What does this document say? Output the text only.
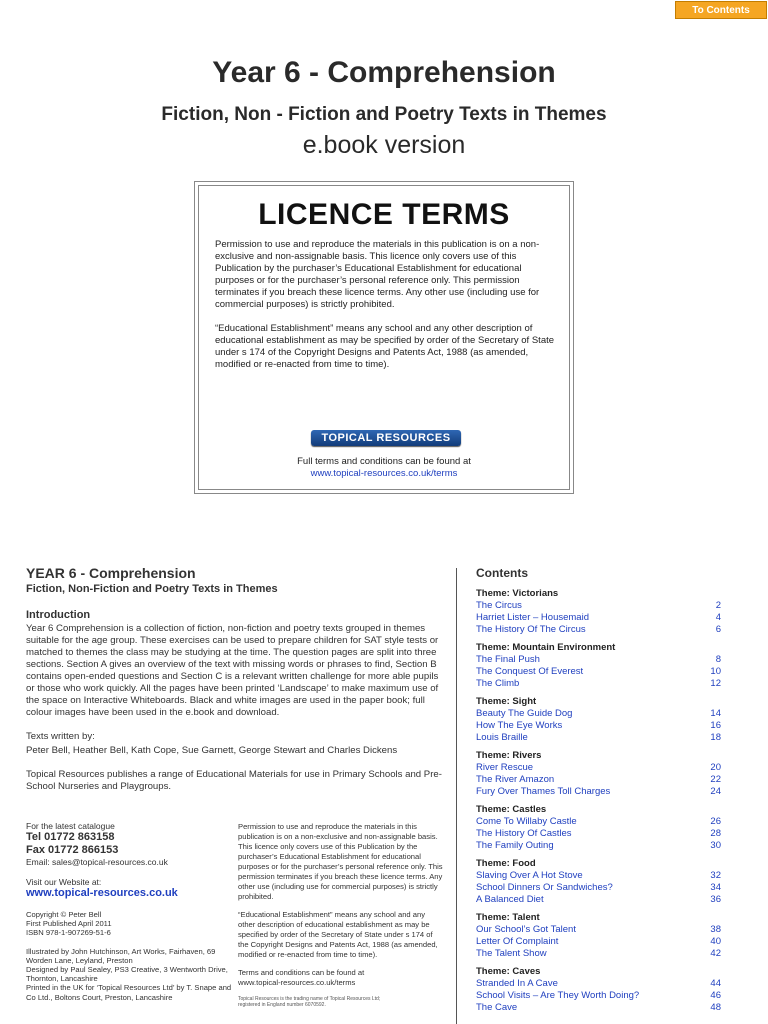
To Contents
Year 6 - Comprehension
Fiction, Non - Fiction and Poetry Texts in Themes
e.book version
LICENCE TERMS

Permission to use and reproduce the materials in this publication is on a non-exclusive and non-assignable basis. This licence only covers use of this Publication by the purchaser’s Educational Establishment for educational purposes or for the purchaser’s personal reference only. This permission terminates if you breach these licence terms. Any other use (including use for commercial purposes) is strictly prohibited.

“Educational Establishment” means any school and any other description of educational establishment as may be specified by order of the Secretary of State under s 174 of the Copyright Designs and Patents Act, 1988 (as amended, modified or re-enacted from time to time).

TOPICAL RESOURCES
Full terms and conditions can be found at
www.topical-resources.co.uk/terms
YEAR 6 - Comprehension
Fiction, Non-Fiction and Poetry Texts in Themes
Introduction
Year 6 Comprehension is a collection of fiction, non-fiction and poetry texts grouped in themes suitable for the age group. These exercises can be used to prepare children for SAT style tests or matched to themes the class may be studying at the time. The question pages are split into three sections. Section A gives an overview of the text with missing words or phrases to find, Section B contains open-ended questions and Section C is a relevant written challenge for more able pupils or those who work quickly. All the pages have been printed ‘Landscape’ to make maximum use of the space on Interactive Whiteboards. Black and white images are used in the paper book; full colour images have been used in the e.book and download.
Texts written by:
Peter Bell, Heather Bell, Kath Cope, Sue Garnett, George Stewart and Charles Dickens
Topical Resources publishes a range of Educational Materials for use in Primary Schools and Pre-School Nurseries and Playgroups.
For the latest catalogue
Tel 01772 863158
Fax 01772 866153
Email: sales@topical-resources.co.uk
Visit our Website at:
www.topical-resources.co.uk
Copyright © Peter Bell
First Published April 2011
ISBN 978-1-907269-51-6
Illustrated by John Hutchinson, Art Works, Fairhaven, 69 Worden Lane, Leyland, Preston
Designed by Paul Sealey, PS3 Creative, 3 Wentworth Drive, Thornton, Lancashire
Printed in the UK for ‘Topical Resources Ltd’ by T. Snape and Co Ltd., Boltons Court, Preston, Lancashire

Permission to use and reproduce the materials in this publication is on a non-exclusive and non-assignable basis. This licence only covers use of this Publication by the purchaser’s Educational Establishment for educational purposes or for the purchaser’s personal reference only. This permission terminates if you breach these licence terms. Any other use (including use for commercial purposes) is strictly prohibited.

“Educational Establishment” means any school and any other description of educational establishment as may be specified by order of the Secretary of State under s 174 of the Copyright Designs and Patents Act, 1988 (as amended, modified or re-enacted from time to time).

Terms and conditions can be found at
www.topical-resources.co.uk/terms
Topical Resources is the trading name of Topical Resources Ltd;
registered in England number 6070592.
Contents
Theme: Victorians
The Circus	2
Harriet Lister – Housemaid	4
The History Of The Circus	6
Theme: Mountain Environment
The Final Push	8
The Conquest Of Everest	10
The Climb	12
Theme: Sight
Beauty The Guide Dog	14
How The Eye Works	16
Louis Braille	18
Theme: Rivers
River Rescue	20
The River Amazon	22
Fury Over Thames Toll Charges	24
Theme: Castles
Come To Willaby Castle	26
The History Of Castles	28
The Family Outing	30
Theme: Food
Slaving Over A Hot Stove	32
School Dinners Or Sandwiches?	34
A Balanced Diet	36
Theme: Talent
Our School’s Got Talent	38
Letter Of Complaint	40
The Talent Show	42
Theme: Caves
Stranded In A Cave	44
School Visits – Are They Worth Doing?	46
The Cave	48
